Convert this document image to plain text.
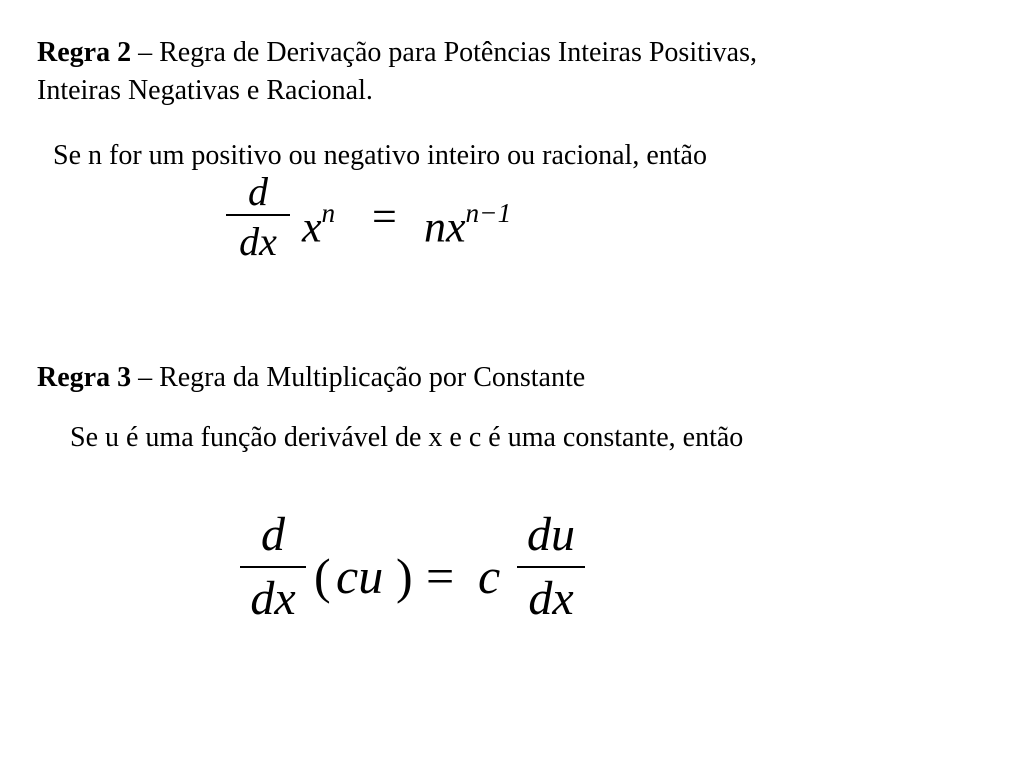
Regra 2 – Regra de Derivação para Potências Inteiras Positivas,
Inteiras Negativas e Racional.

Se n for um positivo ou negativo inteiro ou racional, então

d
dx $x^n = nx^{n-1}$

Regra 3 – Regra da Multiplicação por Constante

Se u é uma função derivável de x e c é uma constante, então

d
dx ( cu ) = c
du
dx
